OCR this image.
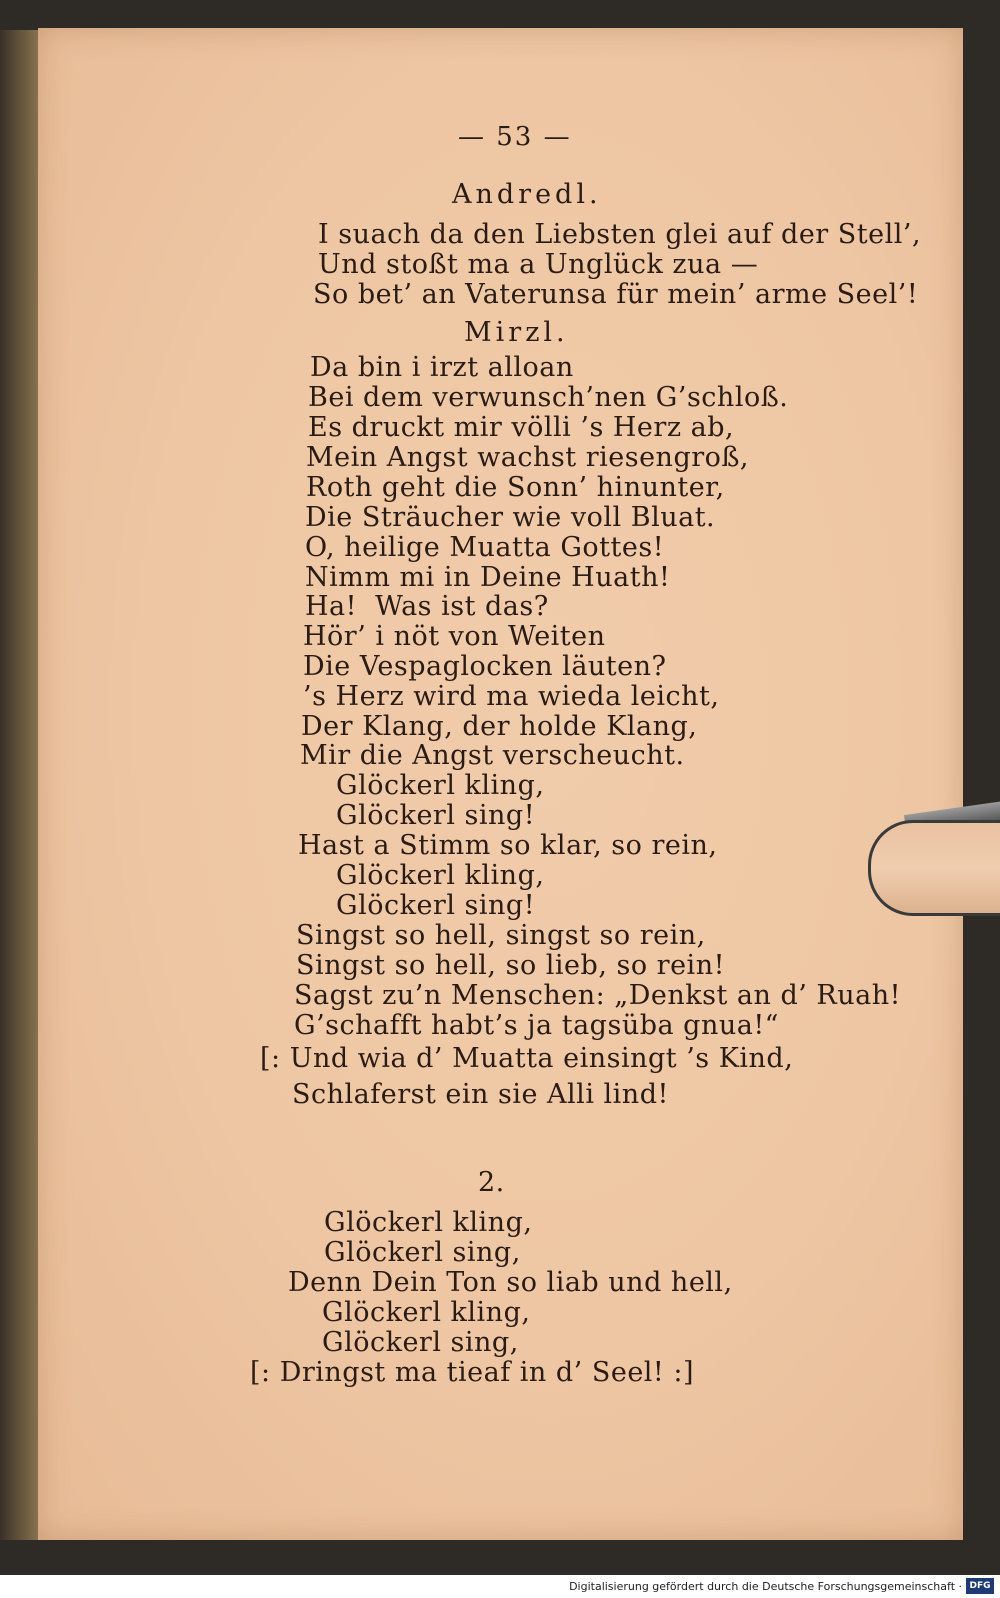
— 53 —
Andredl.
I suach da den Liebsten glei auf der Stell’,
Und stoßt ma a Unglück zua —
So bet’ an Vaterunsa für mein’ arme Seel’!
Mirzl.
Da bin i irzt alloan
Bei dem verwunsch’nen G’schloß.
Es druckt mir völli ’s Herz ab,
Mein Angst wachst riesengroß,
Roth geht die Sonn’ hinunter,
Die Sträucher wie voll Bluat.
O, heilige Muatta Gottes!
Nimm mi in Deine Huath!
Ha!  Was ist das?
Hör’ i nöt von Weiten
Die Vespaglocken läuten?
’s Herz wird ma wieda leicht,
Der Klang, der holde Klang,
Mir die Angst verscheucht.
Glöckerl kling,
Glöckerl sing!
Hast a Stimm so klar, so rein,
Glöckerl kling,
Glöckerl sing!
Singst so hell, singst so rein,
Singst so hell, so lieb, so rein!
Sagst zu’n Menschen: „Denkst an d’ Ruah!
G’schafft habt’s ja tagsüba gnua!“
[: Und wia d’ Muatta einsingt ’s Kind,
Schlaferst ein sie Alli lind!
2.
Glöckerl kling,
Glöckerl sing,
Denn Dein Ton so liab und hell,
Glöckerl kling,
Glöckerl sing,
[: Dringst ma tieaf in d’ Seel! :]
Digitalisierung gefördert durch die Deutsche Forschungsgemeinschaft · DFG
